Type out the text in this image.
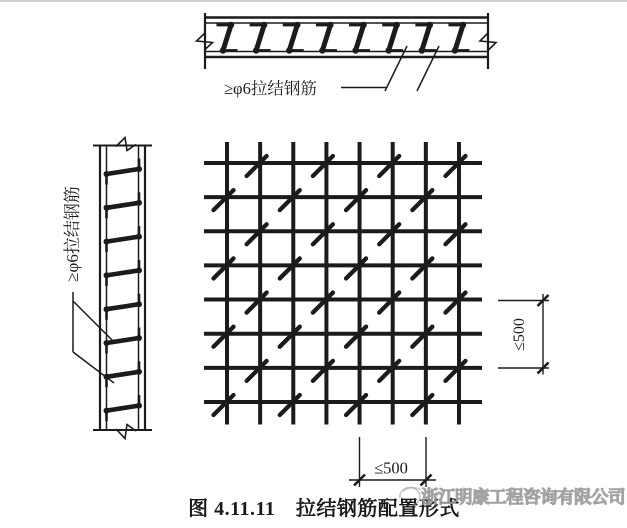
≥φ6拉结钢筋
≥φ6拉结钢筋
≤500
≤500
图 4.11.11　拉结钢筋配置形式
浙江明康工程咨询有限公司
